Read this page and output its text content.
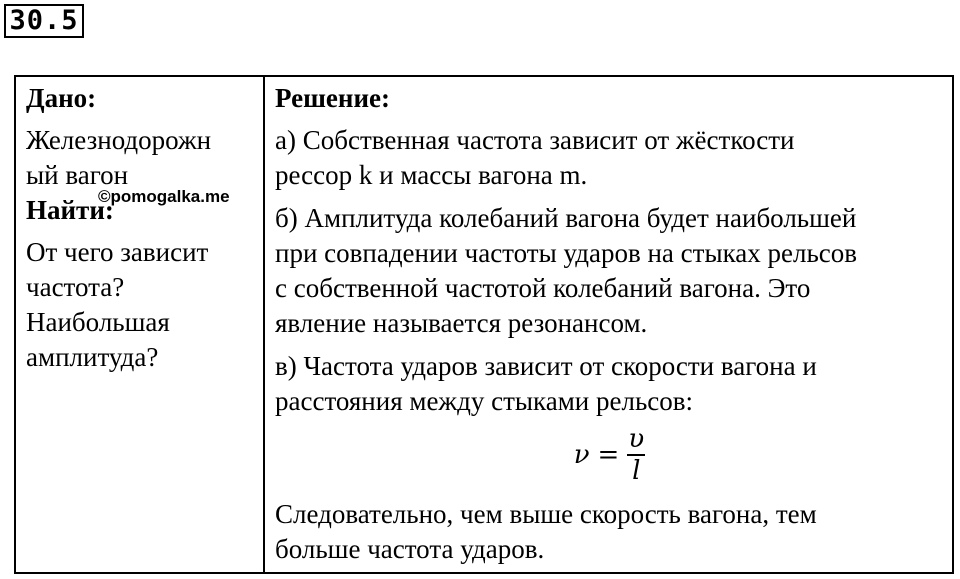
30.5
Дано:
Железнодорожн
ый вагон
©pomogalka.me
Найти:
От чего зависит
частота?
Наибольшая
амплитуда?
Решение:
а) Собственная частота зависит от жёсткости
рессор k и массы вагона m.
б) Амплитуда колебаний вагона будет наибольшей
при совпадении частоты ударов на стыках рельсов
с собственной частотой колебаний вагона. Это
явление называется резонансом.
в) Частота ударов зависит от скорости вагона и
расстояния между стыками рельсов:
$\nu = \frac{\upsilon}{l}$
Следовательно, чем выше скорость вагона, тем
больше частота ударов.
